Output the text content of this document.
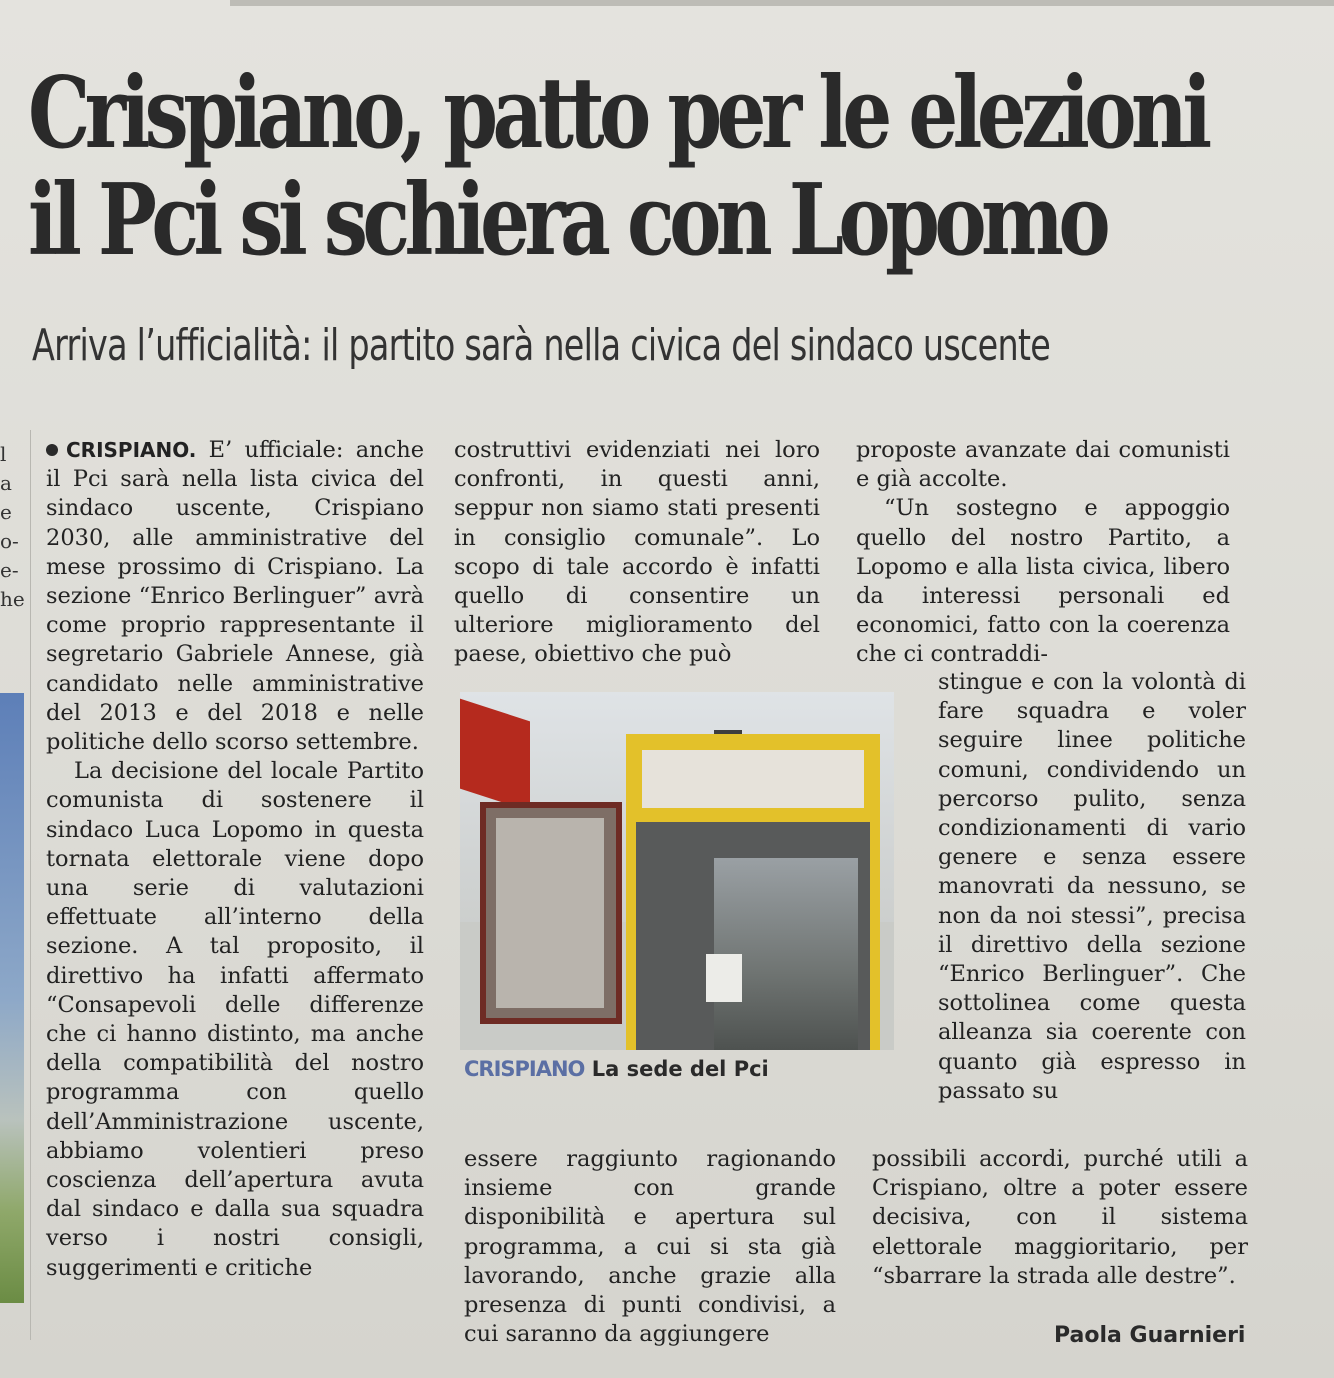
l
a
e
o-
e-
he
Crispiano, patto per le elezioni
il Pci si schiera con Lopomo
Arriva l’ufficialità: il partito sarà nella civica del sindaco uscente

CRISPIANO. E’ ufficiale: anche il Pci sarà nella lista civica del sindaco uscente, Crispiano 2030, alle amministrative del mese prossimo di Crispiano. La sezione “Enrico Berlinguer” avrà come proprio rappresentante il segretario Gabriele Annese, già candidato nelle amministrative del 2013 e del 2018 e nelle politiche dello scorso settembre.

La decisione del locale Partito comunista di sostenere il sindaco Luca Lopomo in questa tornata elettorale viene dopo una serie di valutazioni effettuate all’interno della sezione. A tal proposito, il direttivo ha infatti affermato “Consapevoli delle differenze che ci hanno distinto, ma anche della compatibilità del nostro programma con quello dell’Amministrazione uscente, abbiamo volentieri preso coscienza dell’apertura avuta dal sindaco e dalla sua squadra verso i nostri consigli, suggerimenti e critiche

costruttivi evidenziati nei loro confronti, in questi anni, seppur non siamo stati presenti in consiglio comunale”. Lo scopo di tale accordo è infatti quello di consentire un ulteriore miglioramento del paese, obiettivo che può

CRISPIANO La sede del Pci

essere raggiunto ragionando insieme con grande disponibilità e apertura sul programma, a cui si sta già lavorando, anche grazie alla presenza di punti condivisi, a cui saranno da aggiungere

proposte avanzate dai comunisti e già accolte.

“Un sostegno e appoggio quello del nostro Partito, a Lopomo e alla lista civica, libero da interessi personali ed economici, fatto con la coerenza che ci contraddi-

stingue e con la volontà di fare squadra e voler seguire linee politiche comuni, condividendo un percorso pulito, senza condizionamenti di vario genere e senza essere manovrati da nessuno, se non da noi stessi”, precisa il direttivo della sezione “Enrico Berlinguer”. Che sottolinea come questa alleanza sia coerente con quanto già espresso in passato su

possibili accordi, purché utili a Crispiano, oltre a poter essere decisiva, con il sistema elettorale maggioritario, per “sbarrare la strada alle destre”.

Paola Guarnieri
